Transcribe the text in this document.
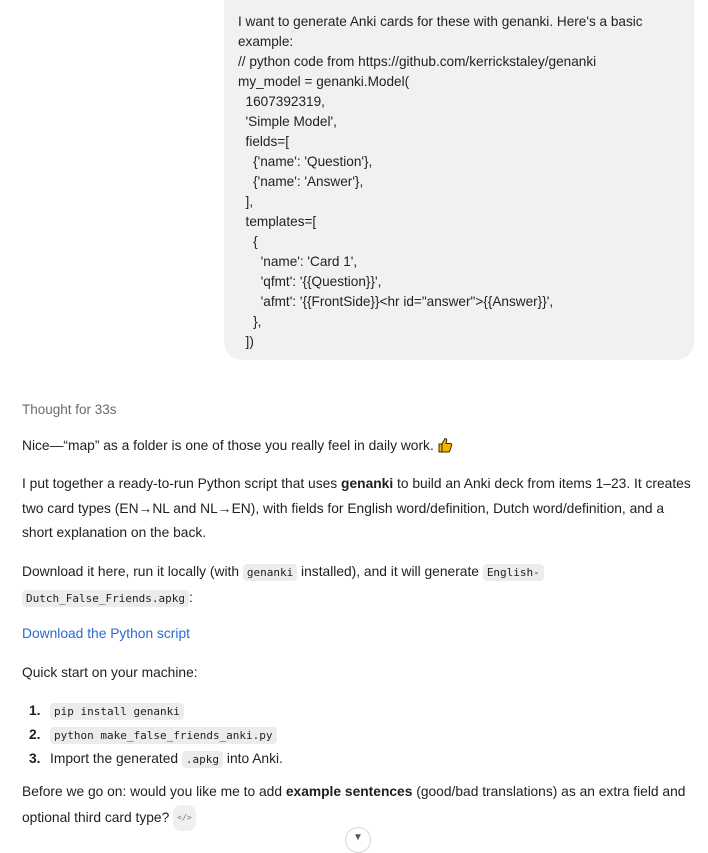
I want to generate Anki cards for these with genanki. Here's a basic
example:
// python code from https://github.com/kerrickstaley/genanki
my_model = genanki.Model(
1607392319,
'Simple Model',
fields=[
{'name': 'Question'},
{'name': 'Answer'},
],
templates=[
{
'name': 'Card 1',
'qfmt': '{{Question}}',
'afmt': '{{FrontSide}}<hr id="answer">{{Answer}}',
},
])

Thought for 33s

Nice—“map” as a folder is one of those you really feel in daily work.

I put together a ready-to-run Python script that uses genanki to build an Anki deck from items 1–23. It creates two card types (EN→NL and NL→EN), with fields for English word/definition, Dutch word/definition, and a short explanation on the back.

Download it here, run it locally (with genanki installed), and it will generate English-
Dutch_False_Friends.apkg :

Download the Python script

Quick start on your machine:

1.	pip install genanki
2.	python make_false_friends_anki.py
3. Import the generated .apkg into Anki.

Before we go on: would you like me to add example sentences (good/bad translations) as an extra field and optional third card type? </>

▼
